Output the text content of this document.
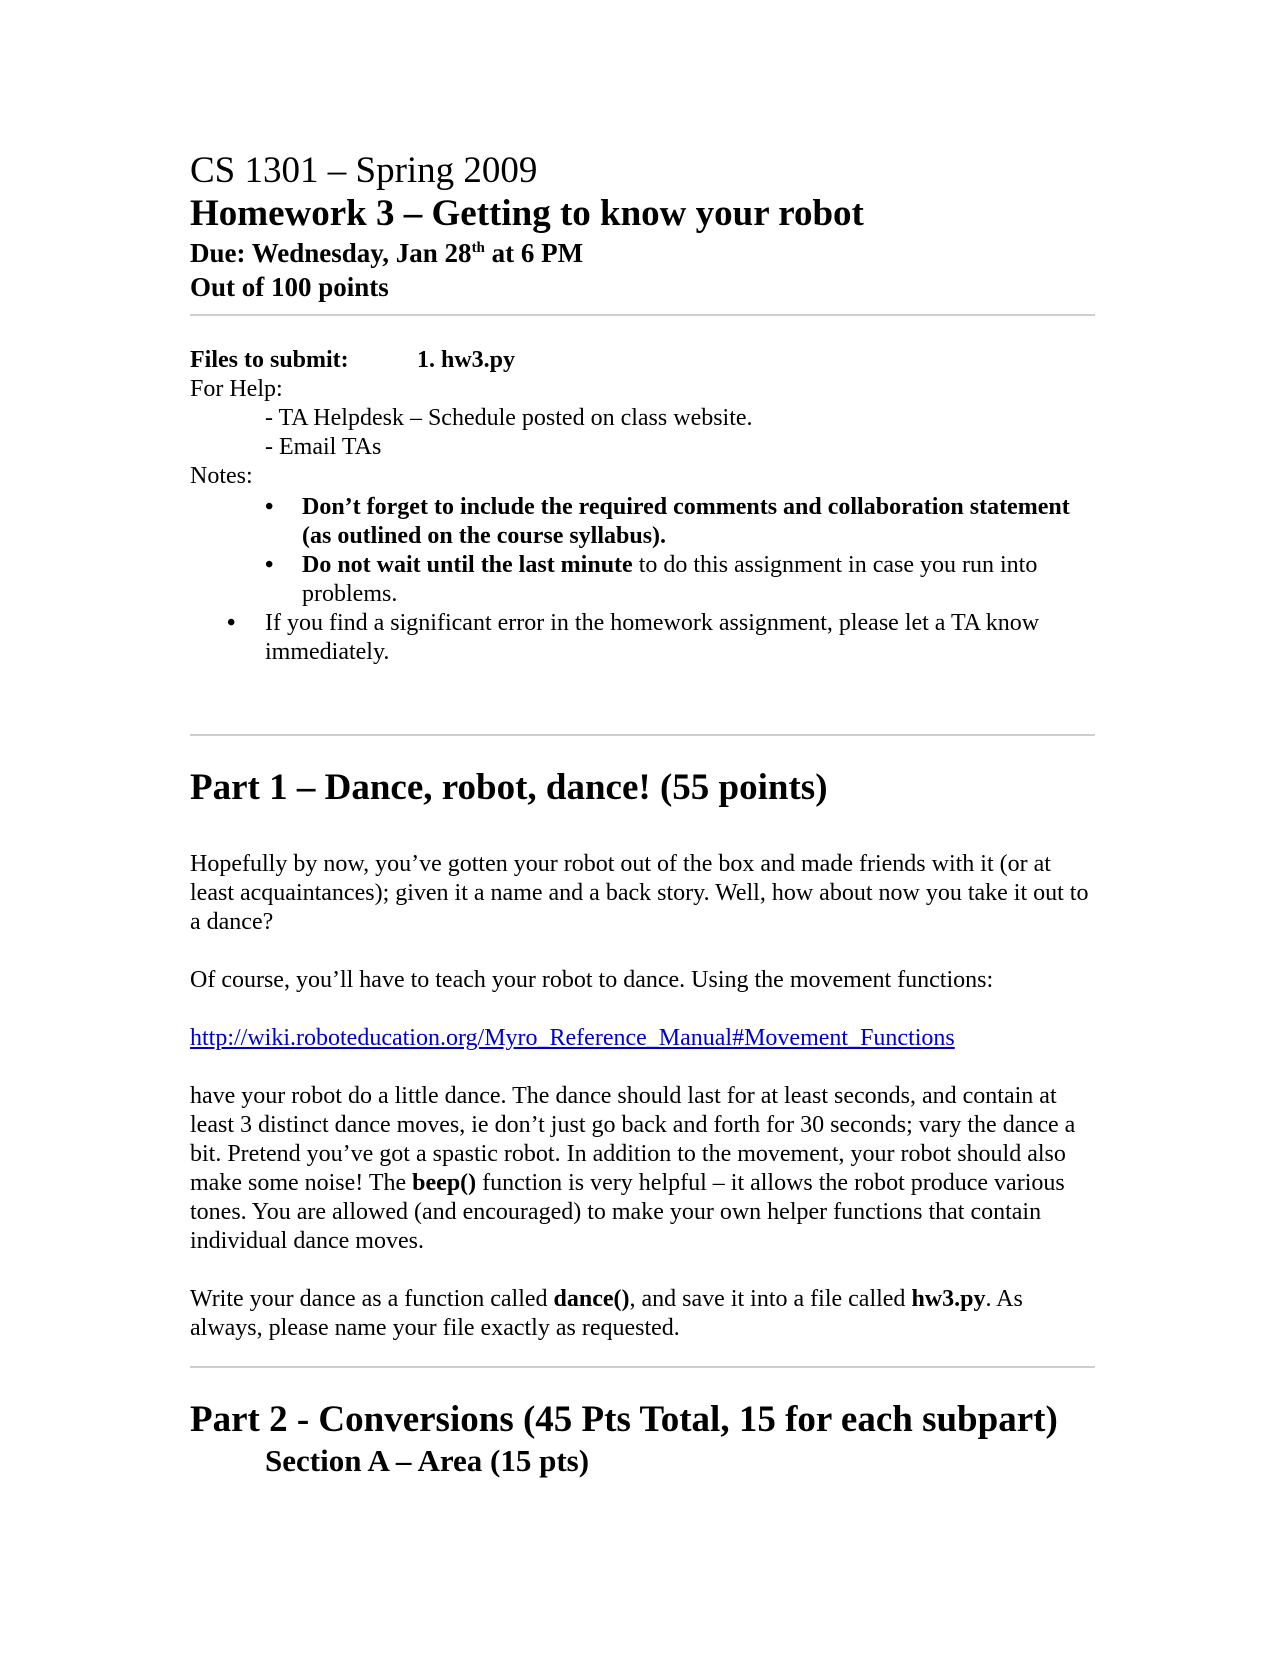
CS 1301 – Spring 2009
Homework 3 – Getting to know your robot
Due: Wednesday, Jan 28th at 6 PM
Out of 100 points
Files to submit:	1. hw3.py
For Help:
- TA Helpdesk – Schedule posted on class website.
- Email TAs
Notes:
• Don’t forget to include the required comments and collaboration statement (as outlined on the course syllabus).
• Do not wait until the last minute to do this assignment in case you run into problems.
• If you find a significant error in the homework assignment, please let a TA know immediately.
Part 1 – Dance, robot, dance! (55 points)
Hopefully by now, you’ve gotten your robot out of the box and made friends with it (or at least acquaintances); given it a name and a back story. Well, how about now you take it out to a dance?
Of course, you’ll have to teach your robot to dance. Using the movement functions:
http://wiki.roboteducation.org/Myro_Reference_Manual#Movement_Functions
have your robot do a little dance. The dance should last for at least seconds, and contain at least 3 distinct dance moves, ie don’t just go back and forth for 30 seconds; vary the dance a bit. Pretend you’ve got a spastic robot. In addition to the movement, your robot should also make some noise! The beep() function is very helpful – it allows the robot produce various tones. You are allowed (and encouraged) to make your own helper functions that contain individual dance moves.
Write your dance as a function called dance(), and save it into a file called hw3.py. As always, please name your file exactly as requested.
Part 2 - Conversions (45 Pts Total, 15 for each subpart)
Section A – Area (15 pts)
